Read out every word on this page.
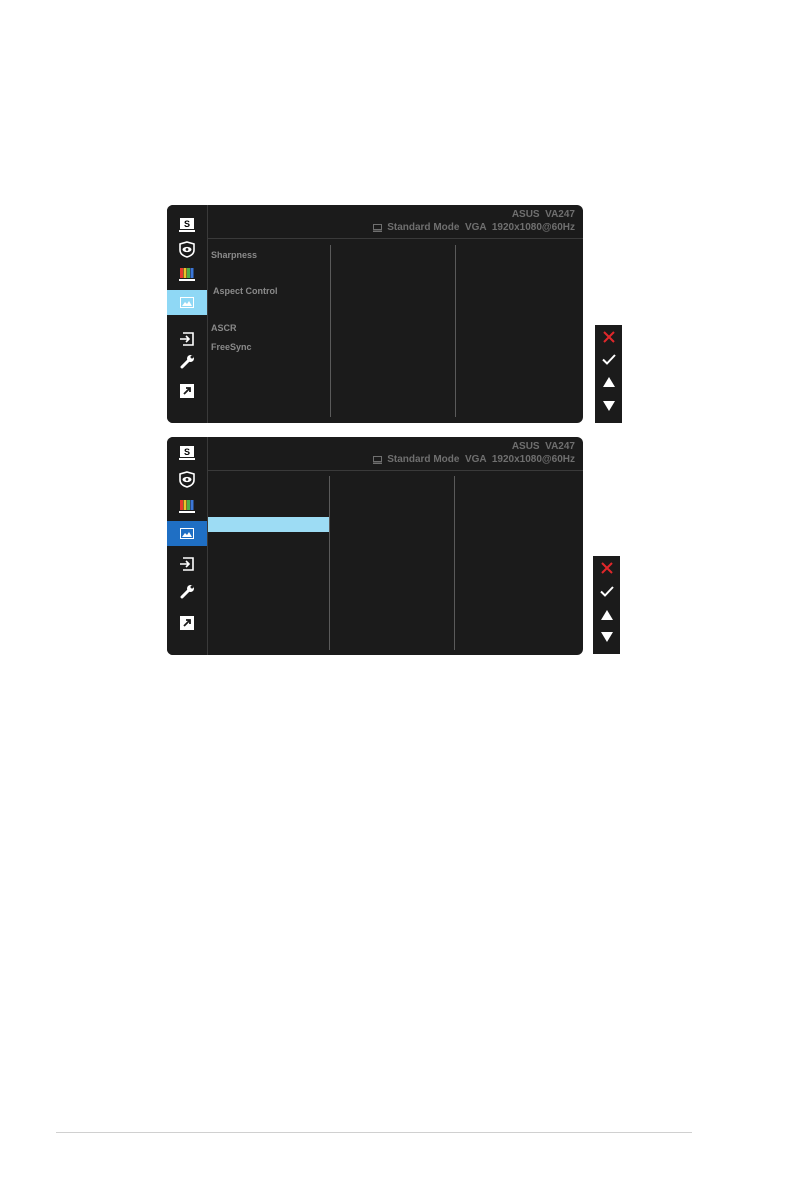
S
ASUS  VA247
Standard Mode  VGA  1920x1080@60Hz
Sharpness
Aspect Control
ASCR
FreeSync
S	ASUS  VA247
Standard Mode  VGA  1920x1080@60Hz
